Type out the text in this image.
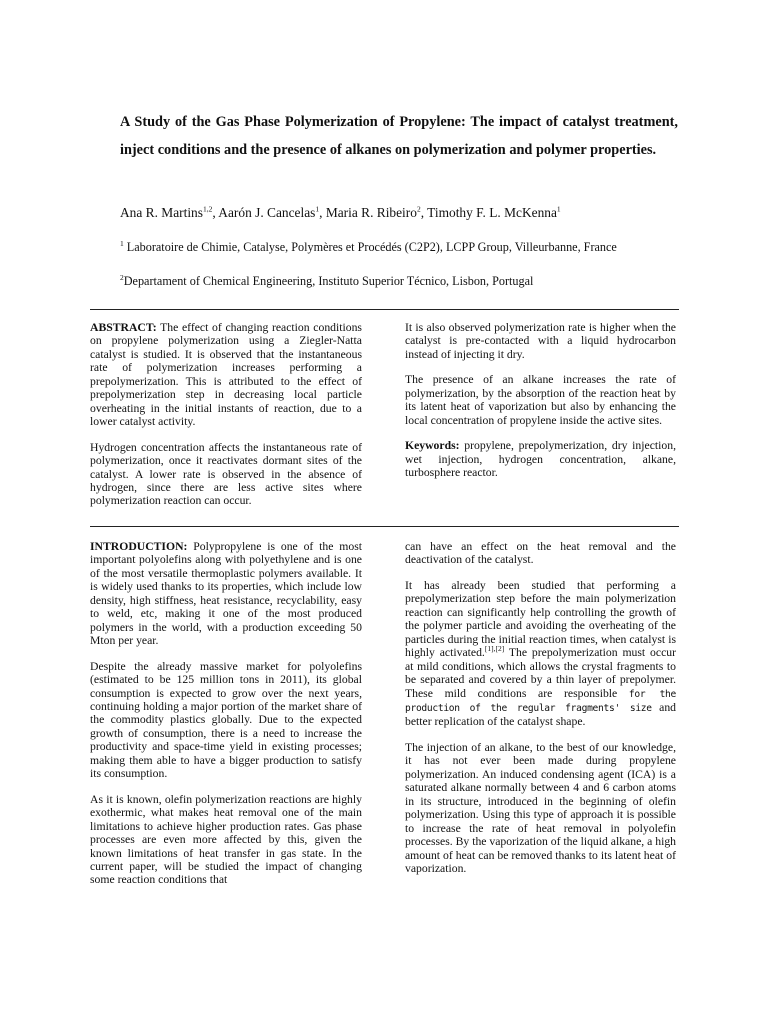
A Study of the Gas Phase Polymerization of Propylene: The impact of catalyst treatment, inject conditions and the presence of alkanes on polymerization and polymer properties.
Ana R. Martins$^{1,2}$, Aarón J. Cancelas$^1$, Maria R. Ribeiro$^2$, Timothy F. L. McKenna$^1$
$^1$ Laboratoire de Chimie, Catalyse, Polymères et Procédés (C2P2), LCPP Group, Villeurbanne, France
$^2$Departament of Chemical Engineering, Instituto Superior Técnico, Lisbon, Portugal

ABSTRACT: The effect of changing reaction conditions on propylene polymerization using a Ziegler-Natta catalyst is studied. It is observed that the instantaneous rate of polymerization increases performing a prepolymerization. This is attributed to the effect of prepolymerization step in decreasing local particle overheating in the initial instants of reaction, due to a lower catalyst activity.

Hydrogen concentration affects the instantaneous rate of polymerization, once it reactivates dormant sites of the catalyst. A lower rate is observed in the absence of hydrogen, since there are less active sites where polymerization reaction can occur.

It is also observed polymerization rate is higher when the catalyst is pre-contacted with a liquid hydrocarbon instead of injecting it dry.

The presence of an alkane increases the rate of polymerization, by the absorption of the reaction heat by its latent heat of vaporization but also by enhancing the local concentration of propylene inside the active sites.

Keywords: propylene, prepolymerization, dry injection, wet injection, hydrogen concentration, alkane, turbosphere reactor.

INTRODUCTION: Polypropylene is one of the most important polyolefins along with polyethylene and is one of the most versatile thermoplastic polymers available. It is widely used thanks to its properties, which include low density, high stiffness, heat resistance, recyclability, easy to weld, etc, making it one of the most produced polymers in the world, with a production exceeding 50 Mton per year.

Despite the already massive market for polyolefins (estimated to be 125 million tons in 2011), its global consumption is expected to grow over the next years, continuing holding a major portion of the market share of the commodity plastics globally. Due to the expected growth of consumption, there is a need to increase the productivity and space-time yield in existing processes; making them able to have a bigger production to satisfy its consumption.

As it is known, olefin polymerization reactions are highly exothermic, what makes heat removal one of the main limitations to achieve higher production rates. Gas phase processes are even more affected by this, given the known limitations of heat transfer in gas state. In the current paper, will be studied the impact of changing some reaction conditions that

can have an effect on the heat removal and the deactivation of the catalyst.

It has already been studied that performing a prepolymerization step before the main polymerization reaction can significantly help controlling the growth of the polymer particle and avoiding the overheating of the particles during the initial reaction times, when catalyst is highly activated.[1],[2] The prepolymerization must occur at mild conditions, which allows the crystal fragments to be separated and covered by a thin layer of prepolymer. These mild conditions are responsible for the production of the regular fragments' size and better replication of the catalyst shape.

The injection of an alkane, to the best of our knowledge, it has not ever been made during propylene polymerization. An induced condensing agent (ICA) is a saturated alkane normally between 4 and 6 carbon atoms in its structure, introduced in the beginning of olefin polymerization. Using this type of approach it is possible to increase the rate of heat removal in polyolefin processes. By the vaporization of the liquid alkane, a high amount of heat can be removed thanks to its latent heat of vaporization.
